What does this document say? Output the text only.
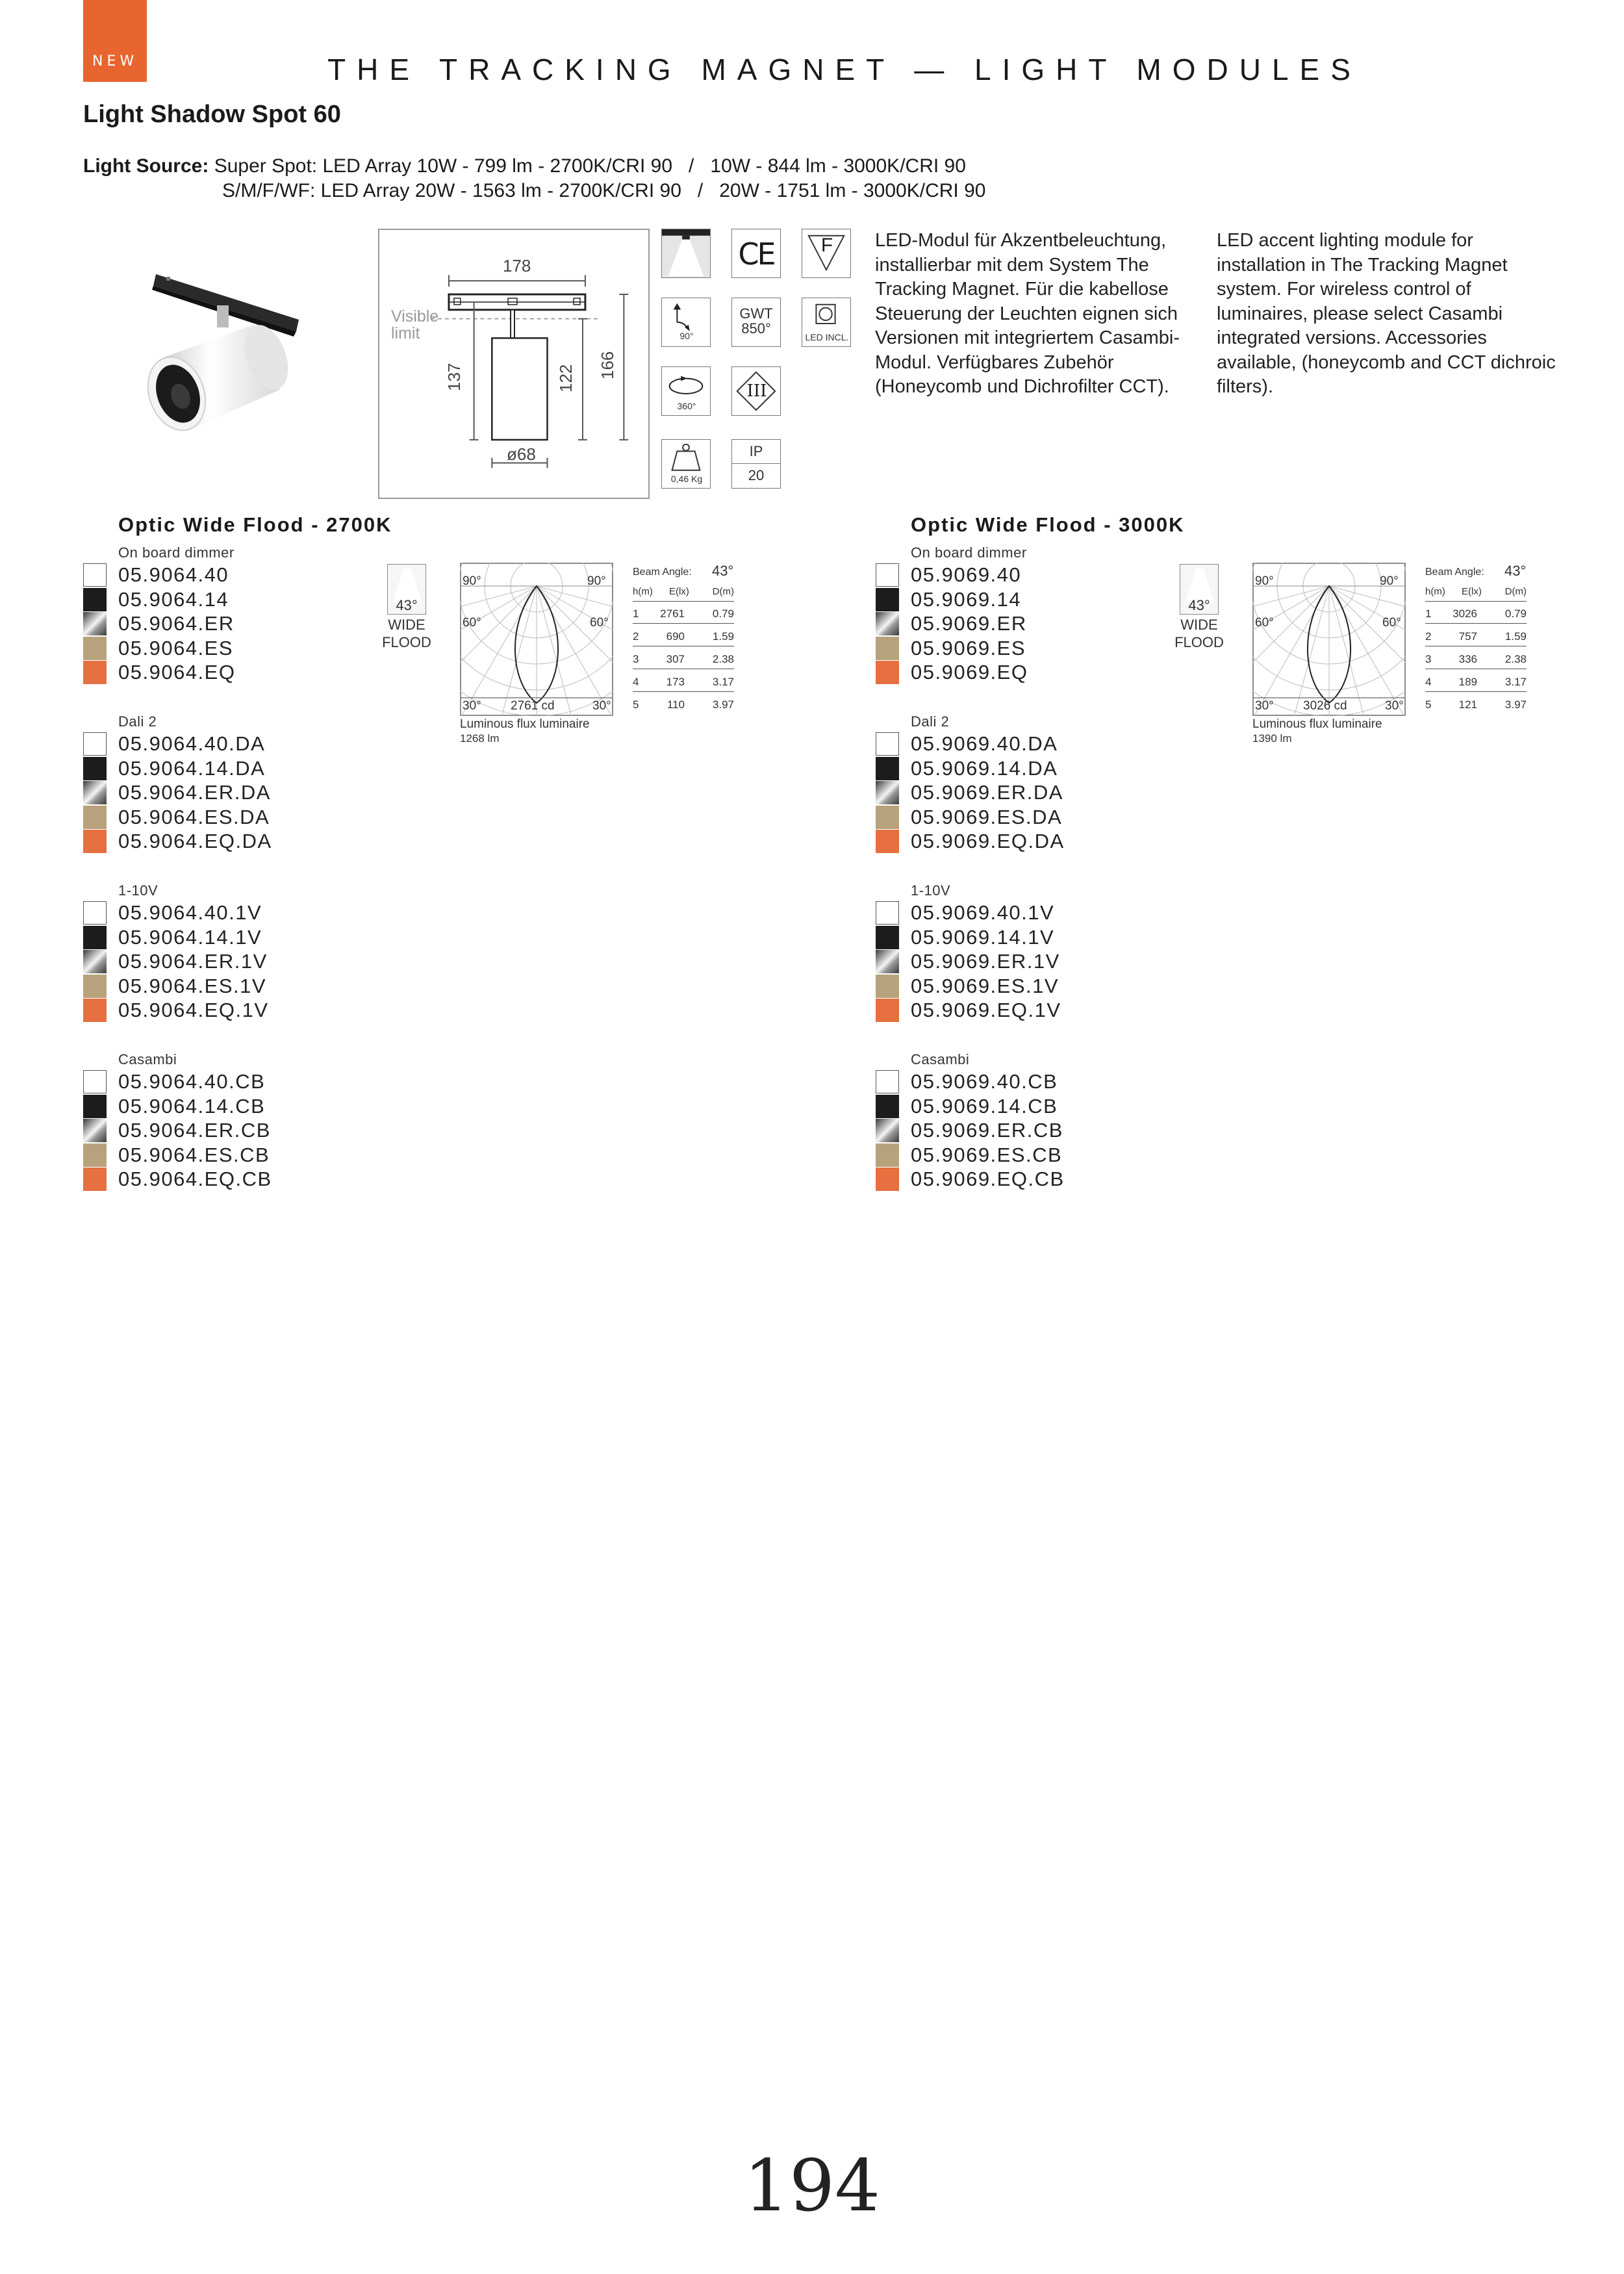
NEW	THE TRACKING MAGNET — LIGHT MODULES
Light Shadow Spot 60
Light Source: Super Spot: LED Array 10W - 799 lm - 2700K/CRI 90 / 10W - 844 lm - 3000K/CRI 90
S/M/F/WF: LED Array 20W - 1563 lm - 2700K/CRI 90 / 20W - 1751 lm - 3000K/CRI 90
178
Visible limit
137	122 166
ø68
CE	F
90°
GWT
850°
LED INCL.
360°
III
0,46 Kg
IP
20
LED-Modul für Akzentbeleuchtung, installierbar mit dem System The Tracking Magnet. Für die kabellose Steuerung der Leuchten eignen sich Versionen mit integriertem Casambi-Modul. Verfügbares Zubehör (Honeycomb und Dichrofilter CCT).
LED accent lighting module for installation in The Tracking Magnet system. For wireless control of luminaires, please select Casambi integrated versions. Accessories available, (honeycomb and CCT dichroic filters).
Optic Wide Flood - 2700K
On board dimmer
05.9064.40
05.9064.14
05.9064.ER
05.9064.ES
05.9064.EQ
Dali 2
05.9064.40.DA
05.9064.14.DA
05.9064.ER.DA
05.9064.ES.DA
05.9064.EQ.DA
1-10V
05.9064.40.1V
05.9064.14.1V
05.9064.ER.1V
05.9064.ES.1V
05.9064.EQ.1V
Casambi
05.9064.40.CB
05.9064.14.CB
05.9064.ER.CB
05.9064.ES.CB
05.9064.EQ.CB
43°
WIDE
FLOOD
90°	90°
60°	60°
30°	30°
2761 cd
Luminous flux luminaire
1268 lm
Beam Angle: 43°
h(m) E(lx) D(m)
1 2761	0.79
2 690	1.59
3 307	2.38
4 173	3.17
5	110	3.97
Optic Wide Flood - 3000K
On board dimmer
05.9069.40
05.9069.14
05.9069.ER
05.9069.ES
05.9069.EQ
Dali 2
05.9069.40.DA
05.9069.14.DA
05.9069.ER.DA
05.9069.ES.DA
05.9069.EQ.DA
1-10V
05.9069.40.1V
05.9069.14.1V
05.9069.ER.1V
05.9069.ES.1V
05.9069.EQ.1V
Casambi
05.9069.40.CB
05.9069.14.CB
05.9069.ER.CB
05.9069.ES.CB
05.9069.EQ.CB
43°
WIDE
FLOOD
90°	90°
60°	60°
30°	30°
3026 cd
Luminous flux luminaire
1390 lm
Beam Angle: 43°
h(m) E(lx) D(m)
1 3026	0.79
2 757	1.59
3 336	2.38
4 189	3.17
5 121	3.97
194
